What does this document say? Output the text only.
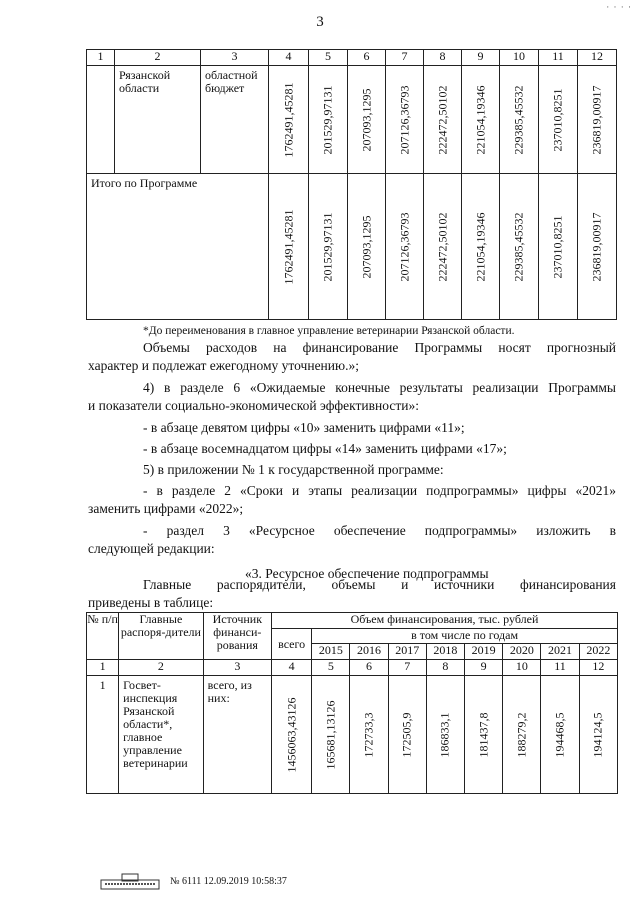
3
· · · ·
1	2	3	4	5	6	7	8	9	10	11	12
	Рязанской области	областной бюджет	1762491,45281	201529,97131	207093,1295	207126,36793	222472,50102	221054,19346	229385,45532	237010,8251	236819,00917

Итого по Программе			1762491,45281	201529,97131	207093,1295	207126,36793	222472,50102	221054,19346	229385,45532	237010,8251	236819,00917
*До переименования в главное управление ветеринарии Рязанской области.
Объемы расходов на финансирование Программы носят прогнозный
характер и подлежат ежегодному уточнению.»;
4) в разделе 6 «Ожидаемые конечные результаты реализации Программы
и показатели социально-экономической эффективности»:
- в абзаце девятом цифры «10» заменить цифрами «11»;
- в абзаце восемнадцатом цифры «14» заменить цифрами «17»;
5) в приложении № 1 к государственной программе:
- в разделе 2 «Сроки и этапы реализации подпрограммы» цифры «2021»
заменить цифрами «2022»;
- раздел 3 «Ресурсное обеспечение подпрограммы» изложить в
следующей редакции:
«3. Ресурсное обеспечение подпрограммы
Главные распорядители, объемы и источники финансирования
приведены в таблице:
№ п/п	Главные распоря-дители	Источник финанси-рования	Объем финансирования, тыс. рублей								
			всего	в том числе по годам							
				2015	2016	2017	2018	2019	2020	2021	2022
1	2	3	4	5	6	7	8	9	10	11	12
1	Госвет-инспекция Рязанской области*, главное управление ветеринарии	всего, из них:	1456063,43126	165681,13126	172733,3	172505,9	186833,1	181437,8	188279,2	194468,5	194124,5
№ 6111 12.09.2019 10:58:37
